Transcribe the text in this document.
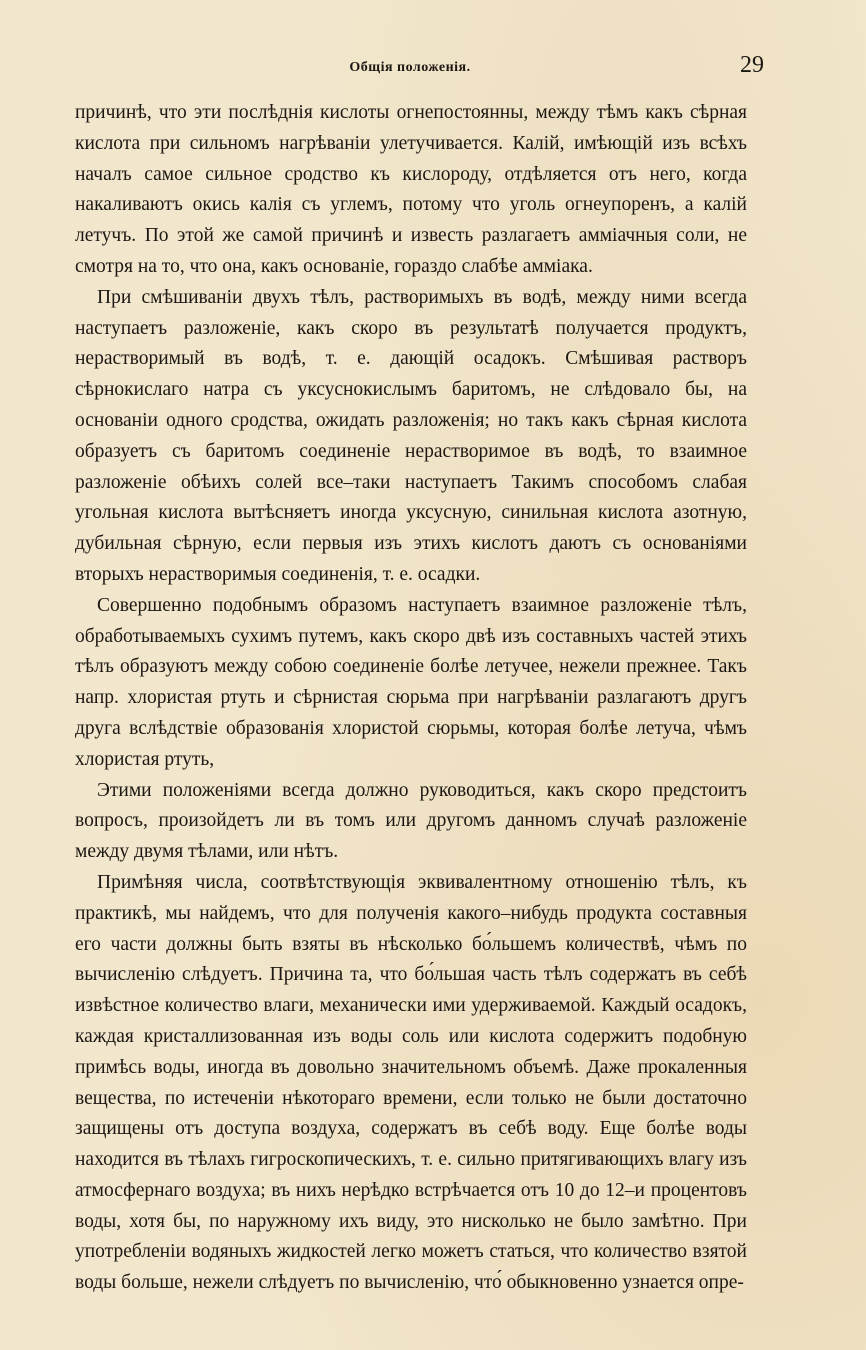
Общія положенія.	29

причинѣ, что эти послѣднія кислоты огнепостоянны, между тѣмъ какъ сѣрная кислота при сильномъ нагрѣваніи улетучивается. Калій, имѣющій изъ всѣхъ началъ самое сильное сродство къ кислороду, отдѣляется отъ него, когда накаливаютъ окись калія съ углемъ, потому что уголь огнеупоренъ, а калій летучъ. По этой же самой причинѣ и известь разлагаетъ амміачныя соли, не смотря на то, что она, какъ основаніе, гораздо слабѣе амміака.

При смѣшиваніи двухъ тѣлъ, растворимыхъ въ водѣ, между ними всегда наступаетъ разложеніе, какъ скоро въ результатѣ получается продуктъ, нерастворимый въ водѣ, т. е. дающій осадокъ. Смѣшивая растворъ сѣрнокислаго натра съ уксуснокислымъ баритомъ, не слѣдовало бы, на основаніи одного сродства, ожидать разложенія; но такъ какъ сѣрная кислота образуетъ съ баритомъ соединеніе нерастворимое въ водѣ, то взаимное разложеніе обѣихъ солей все–таки наступаетъ Такимъ способомъ слабая угольная кислота вытѣсняетъ иногда уксусную, синильная кислота азотную, дубильная сѣрную, если первыя изъ этихъ кислотъ даютъ съ основаніями вторыхъ нерастворимыя соединенія, т. е. осадки.

Совершенно подобнымъ образомъ наступаетъ взаимное разложеніе тѣлъ, обработываемыхъ сухимъ путемъ, какъ скоро двѣ изъ составныхъ частей этихъ тѣлъ образуютъ между собою соединеніе болѣе летучее, нежели прежнее. Такъ напр. хлористая ртуть и сѣрнистая сюрьма при нагрѣваніи разлагаютъ другъ друга вслѣдствіе образованія хлористой сюрьмы, которая болѣе летуча, чѣмъ хлористая ртуть,

Этими положеніями всегда должно руководиться, какъ скоро предстоитъ вопросъ, произойдетъ ли въ томъ или другомъ данномъ случаѣ разложеніе между двумя тѣлами, или нѣтъ.

Примѣняя числа, соотвѣтствующія эквивалентному отношенію тѣлъ, къ практикѣ, мы найдемъ, что для полученія какого–нибудь продукта составныя его части должны быть взяты въ нѣсколько бо́льшемъ количествѣ, чѣмъ по вычисленію слѣдуетъ. Причина та, что бо́льшая часть тѣлъ содержатъ въ себѣ извѣстное количество влаги, механически ими удерживаемой. Каждый осадокъ, каждая кристаллизованная изъ воды соль или кислота содержитъ подобную примѣсь воды, иногда въ довольно значительномъ объемѣ. Даже прокаленныя вещества, по истеченіи нѣкотораго времени, если только не были достаточно защищены отъ доступа воздуха, содержатъ въ себѣ воду. Еще болѣе воды находится въ тѣлахъ гигроскопическихъ, т. е. сильно притягивающихъ влагу изъ атмосфернаго воздуха; въ нихъ нерѣдко встрѣчается отъ 10 до 12–и процентовъ воды, хотя бы, по наружному ихъ виду, это нисколько не было замѣтно. При употребленіи водяныхъ жидкостей легко можетъ статься, что количество взятой воды больше, нежели слѣдуетъ по вычисленію, что́ обыкновенно узнается опре-
